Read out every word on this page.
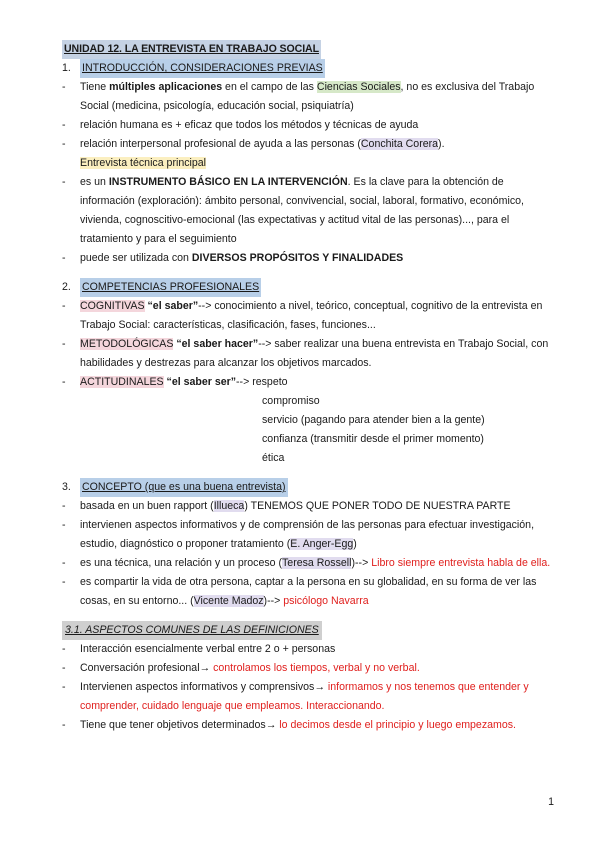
UNIDAD 12. LA ENTREVISTA EN TRABAJO SOCIAL
1.	INTRODUCCIÓN, CONSIDERACIONES PREVIAS
- Tiene múltiples aplicaciones en el campo de las Ciencias Sociales, no es exclusiva del Trabajo Social (medicina, psicología, educación social, psiquiatría)
- relación humana es + eficaz que todos los métodos y técnicas de ayuda
- relación interpersonal profesional de ayuda a las personas (Conchita Corera).
Entrevista técnica principal
- es un INSTRUMENTO BÁSICO EN LA INTERVENCIÓN. Es la clave para la obtención de información (exploración): ámbito personal, convivencial, social, laboral, formativo, económico, vivienda, cognoscitivo-emocional (las expectativas y actitud vital de las personas)..., para el tratamiento y para el seguimiento
- puede ser utilizada con DIVERSOS PROPÓSITOS Y FINALIDADES
2.	COMPETENCIAS PROFESIONALES
- COGNITIVAS “el saber”--> conocimiento a nivel, teórico, conceptual, cognitivo de la entrevista en Trabajo Social: características, clasificación, fases, funciones...
- METODOLÓGICAS “el saber hacer”--> saber realizar una buena entrevista en Trabajo Social, con habilidades y destrezas para alcanzar los objetivos marcados.
- ACTITUDINALES “el saber ser”--> respeto
compromiso
servicio (pagando para atender bien a la gente)
confianza (transmitir desde el primer momento)
ética
3.	CONCEPTO (que es una buena entrevista)
- basada en un buen rapport (Illueca) TENEMOS QUE PONER TODO DE NUESTRA PARTE
- intervienen aspectos informativos y de comprensión de las personas para efectuar investigación, estudio, diagnóstico o proponer tratamiento (E. Anger-Egg)
- es una técnica, una relación y un proceso (Teresa Rossell)--> Libro siempre entrevista habla de ella.
- es compartir la vida de otra persona, captar a la persona en su globalidad, en su forma de ver las cosas, en su entorno... (Vicente Madoz)--> psicólogo Navarra
3.1. ASPECTOS COMUNES DE LAS DEFINICIONES
- Interacción esencialmente verbal entre 2 o + personas
- Conversación profesional→ controlamos los tiempos, verbal y no verbal.
- Intervienen aspectos informativos y comprensivos→ informamos y nos tenemos que entender y comprender, cuidado lenguaje que empleamos. Interaccionando.
- Tiene que tener objetivos determinados→ lo decimos desde el principio y luego empezamos.
1
